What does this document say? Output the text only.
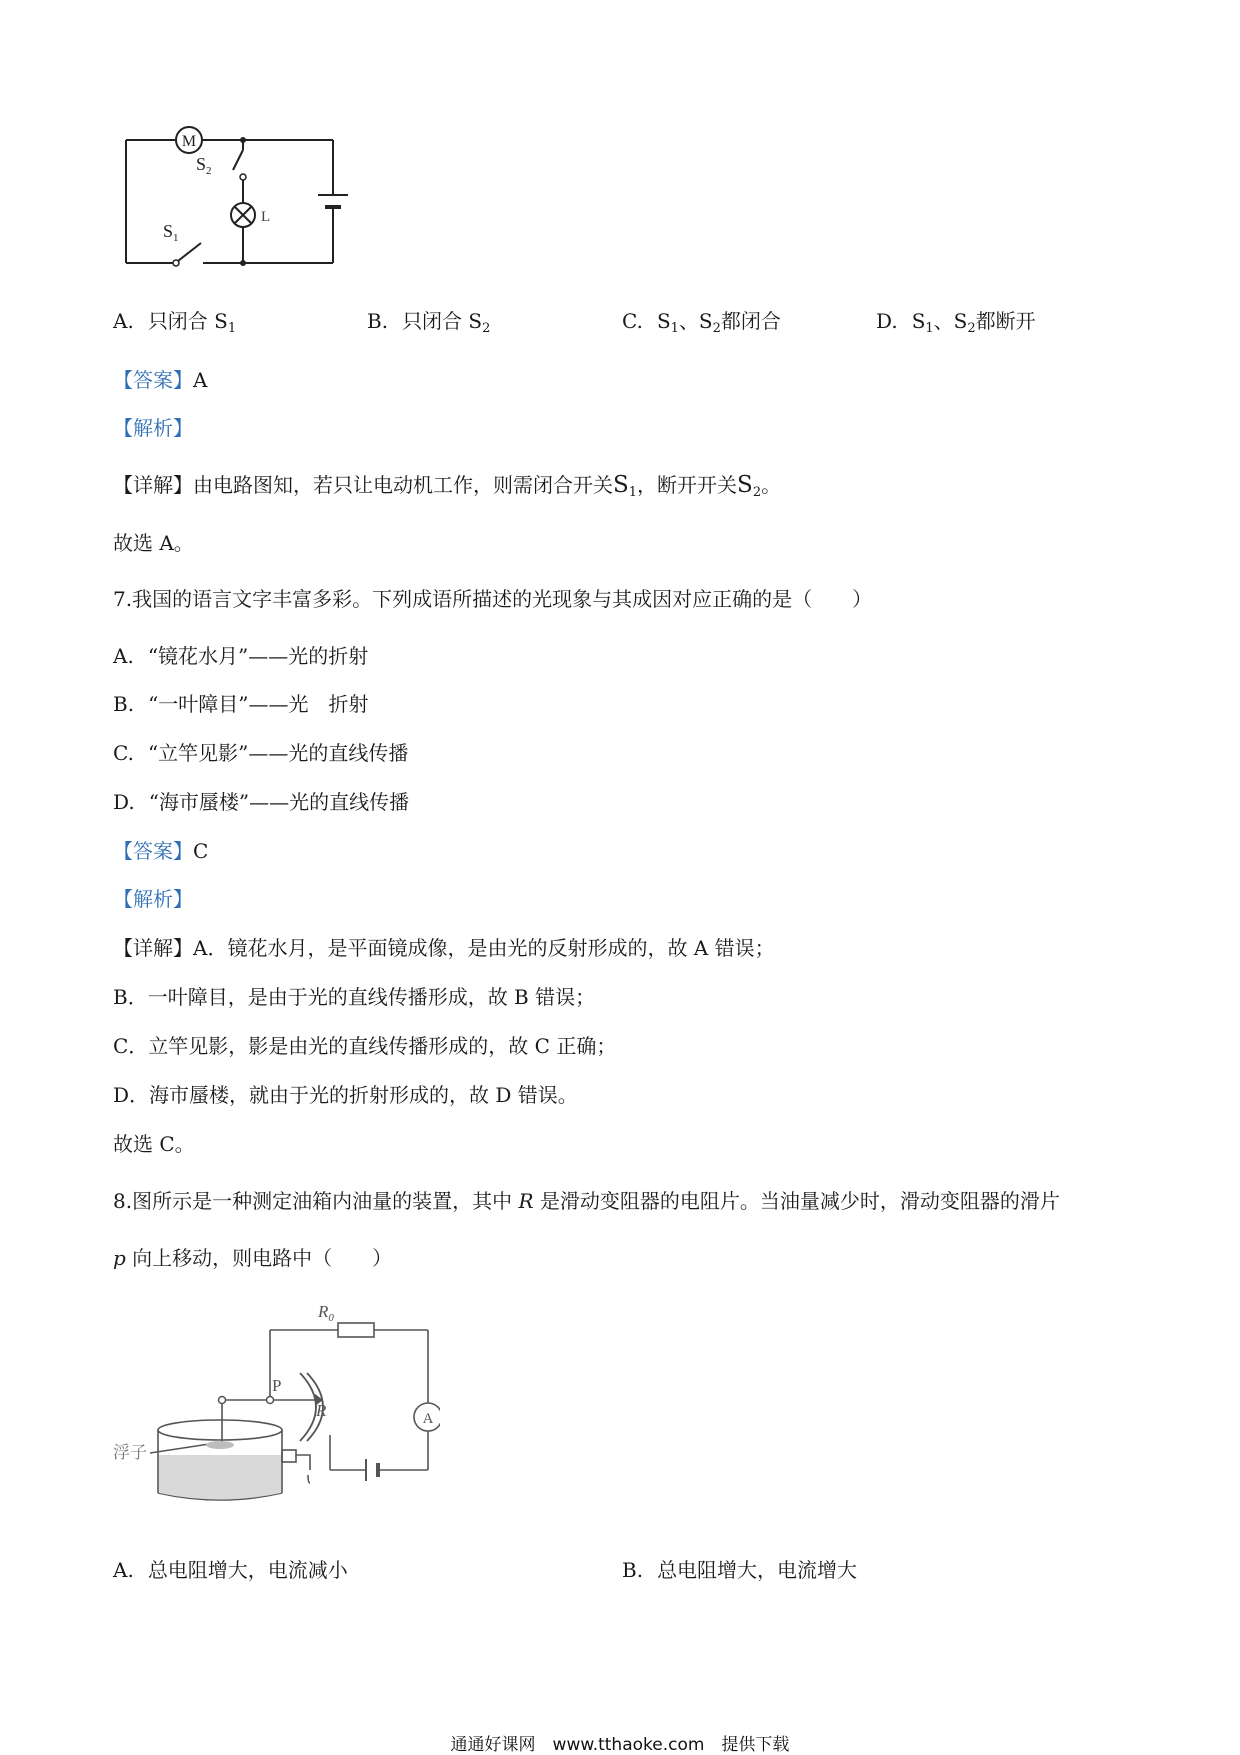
M
$S_2$
$S_1$
L
A. 只闭合 $S_1$	B. 只闭合 $S_2$	C. $S_1$、$S_2$都闭合	D. $S_1$、$S_2$都断开
【答案】A
【解析】
【详解】由电路图知，若只让电动机工作，则需闭合开关$S_1$，断开开关$S_2$。
故选 A。
7.我国的语言文字丰富多彩。下列成语所描述的光现象与其成因对应正确的是（　　）
A. “镜花水月”——光的折射
B. “一叶障目”——光　折射
C. “立竿见影”——光的直线传播
D. “海市蜃楼”——光的直线传播
【答案】C
【解析】
【详解】A．镜花水月，是平面镜成像，是由光的反射形成的，故 A 错误；
B．一叶障目，是由于光的直线传播形成，故 B 错误；
C．立竿见影，影是由光的直线传播形成的，故 C 正确；
D．海市蜃楼，就由于光的折射形成的，故 D 错误。
故选 C。
8.图所示是一种测定油箱内油量的装置，其中 R 是滑动变阻器的电阻片。当油量减少时，滑动变阻器的滑片
p 向上移动，则电路中（　　）
$R_0$
P
R	A
浮子
A. 总电阻增大，电流减小	B. 总电阻增大，电流增大
通通好课网　www.tthaoke.com　提供下载
